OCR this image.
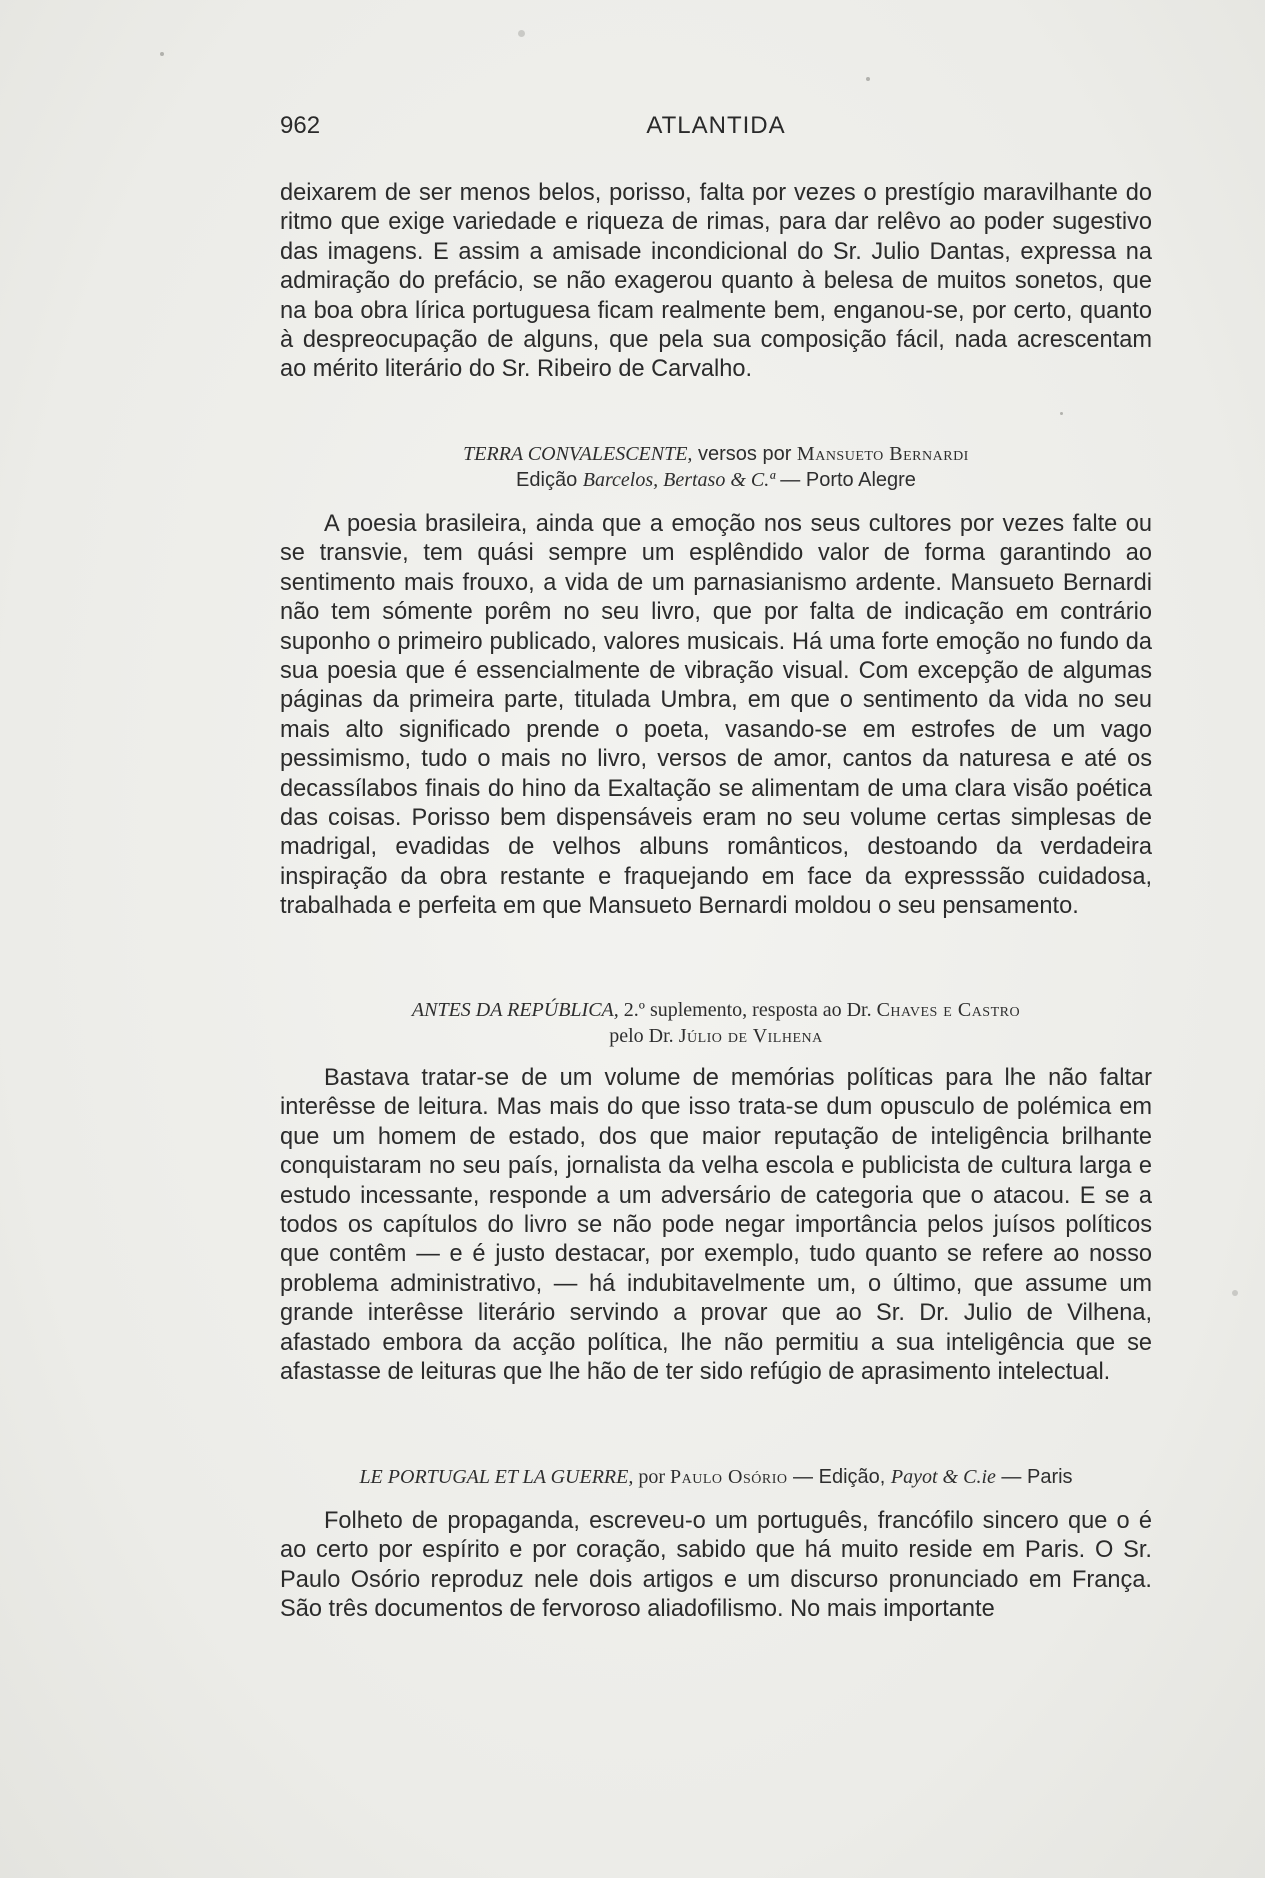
962	ATLANTIDA

deixarem de ser menos belos, porisso, falta por vezes o prestígio maravilhante do ritmo que exige variedade e riqueza de rimas, para dar relêvo ao poder sugestivo das imagens. E assim a amisade incondicional do Sr. Julio Dantas, expressa na admiração do prefácio, se não exagerou quanto à belesa de muitos sonetos, que na boa obra lírica portuguesa ficam realmente bem, enganou-se, por certo, quanto à despreocupação de alguns, que pela sua composição fácil, nada acrescentam ao mérito literário do Sr. Ribeiro de Carvalho.

TERRA CONVALESCENTE, versos por Mansueto Bernardi
Edição Barcelos, Bertaso & C.ª — Porto Alegre

A poesia brasileira, ainda que a emoção nos seus cultores por vezes falte ou se transvie, tem quási sempre um esplêndido valor de forma garantindo ao sentimento mais frouxo, a vida de um parnasianismo ardente. Mansueto Bernardi não tem sómente porêm no seu livro, que por falta de indicação em contrário suponho o primeiro publicado, valores musicais. Há uma forte emoção no fundo da sua poesia que é essencialmente de vibração visual. Com excepção de algumas páginas da primeira parte, titulada Umbra, em que o sentimento da vida no seu mais alto significado prende o poeta, vasando-se em estrofes de um vago pessimismo, tudo o mais no livro, versos de amor, cantos da naturesa e até os decassílabos finais do hino da Exaltação se alimentam de uma clara visão poética das coisas. Porisso bem dispensáveis eram no seu volume certas simplesas de madrigal, evadidas de velhos albuns românticos, destoando da verdadeira inspiração da obra restante e fraquejando em face da expresssão cuidadosa, trabalhada e perfeita em que Mansueto Bernardi moldou o seu pensamento.

ANTES DA REPÚBLICA, 2.º suplemento, resposta ao Dr. Chaves e Castro
pelo Dr. Júlio de Vilhena

Bastava tratar-se de um volume de memórias políticas para lhe não faltar interêsse de leitura. Mas mais do que isso trata-se dum opusculo de polémica em que um homem de estado, dos que maior reputação de inteligência brilhante conquistaram no seu país, jornalista da velha escola e publicista de cultura larga e estudo incessante, responde a um adversário de categoria que o atacou. E se a todos os capítulos do livro se não pode negar importância pelos juísos políticos que contêm — e é justo destacar, por exemplo, tudo quanto se refere ao nosso problema administrativo, — há indubitavelmente um, o último, que assume um grande interêsse literário servindo a provar que ao Sr. Dr. Julio de Vilhena, afastado embora da acção política, lhe não permitiu a sua inteligência que se afastasse de leituras que lhe hão de ter sido refúgio de aprasimento intelectual.

LE PORTUGAL ET LA GUERRE, por Paulo Osório — Edição, Payot & C.ie — Paris

Folheto de propaganda, escreveu-o um português, francófilo sincero que o é ao certo por espírito e por coração, sabido que há muito reside em Paris. O Sr. Paulo Osório reproduz nele dois artigos e um discurso pronunciado em França. São três documentos de fervoroso aliadofilismo. No mais importante
